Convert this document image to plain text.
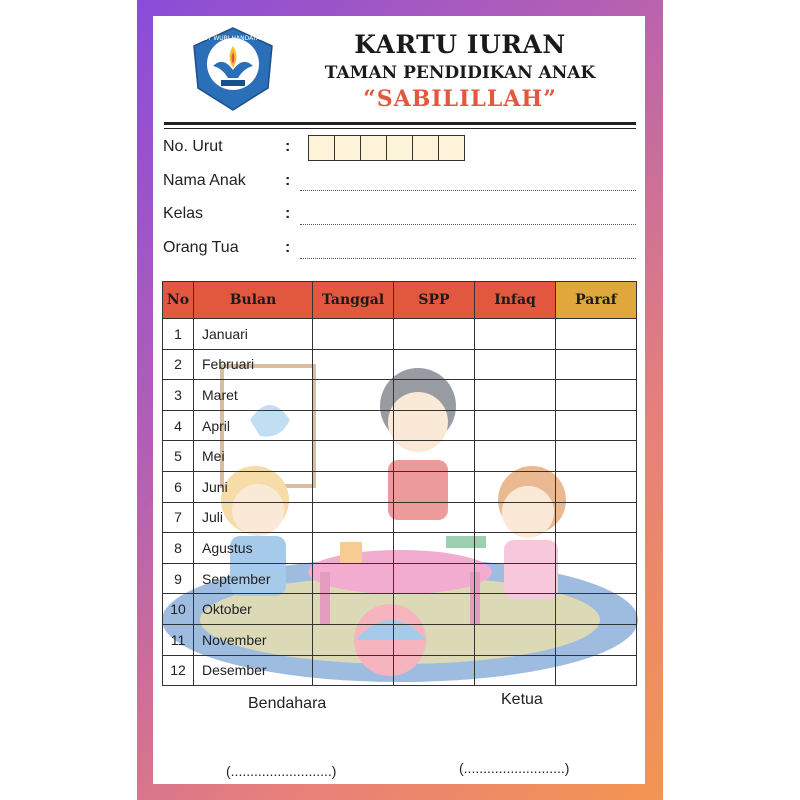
TUT WURI HANDAYANI	KARTU IURAN
TAMAN PENDIDIKAN ANAK
“SABILILLAH”
No. Urut	:
Nama Anak :
Kelas	:
Orang Tua	:
No	Bulan	Tanggal	SPP	Infaq	Paraf
1	Januari				
2	Februari				
3	Maret				
4	April				
5	Mei				
6	Juni				
7	Juli				
8	Agustus				
9	September				
10	Oktober				
11	November				
12	Desember				
Bendahara	Ketua
(..........................)	(..........................)
